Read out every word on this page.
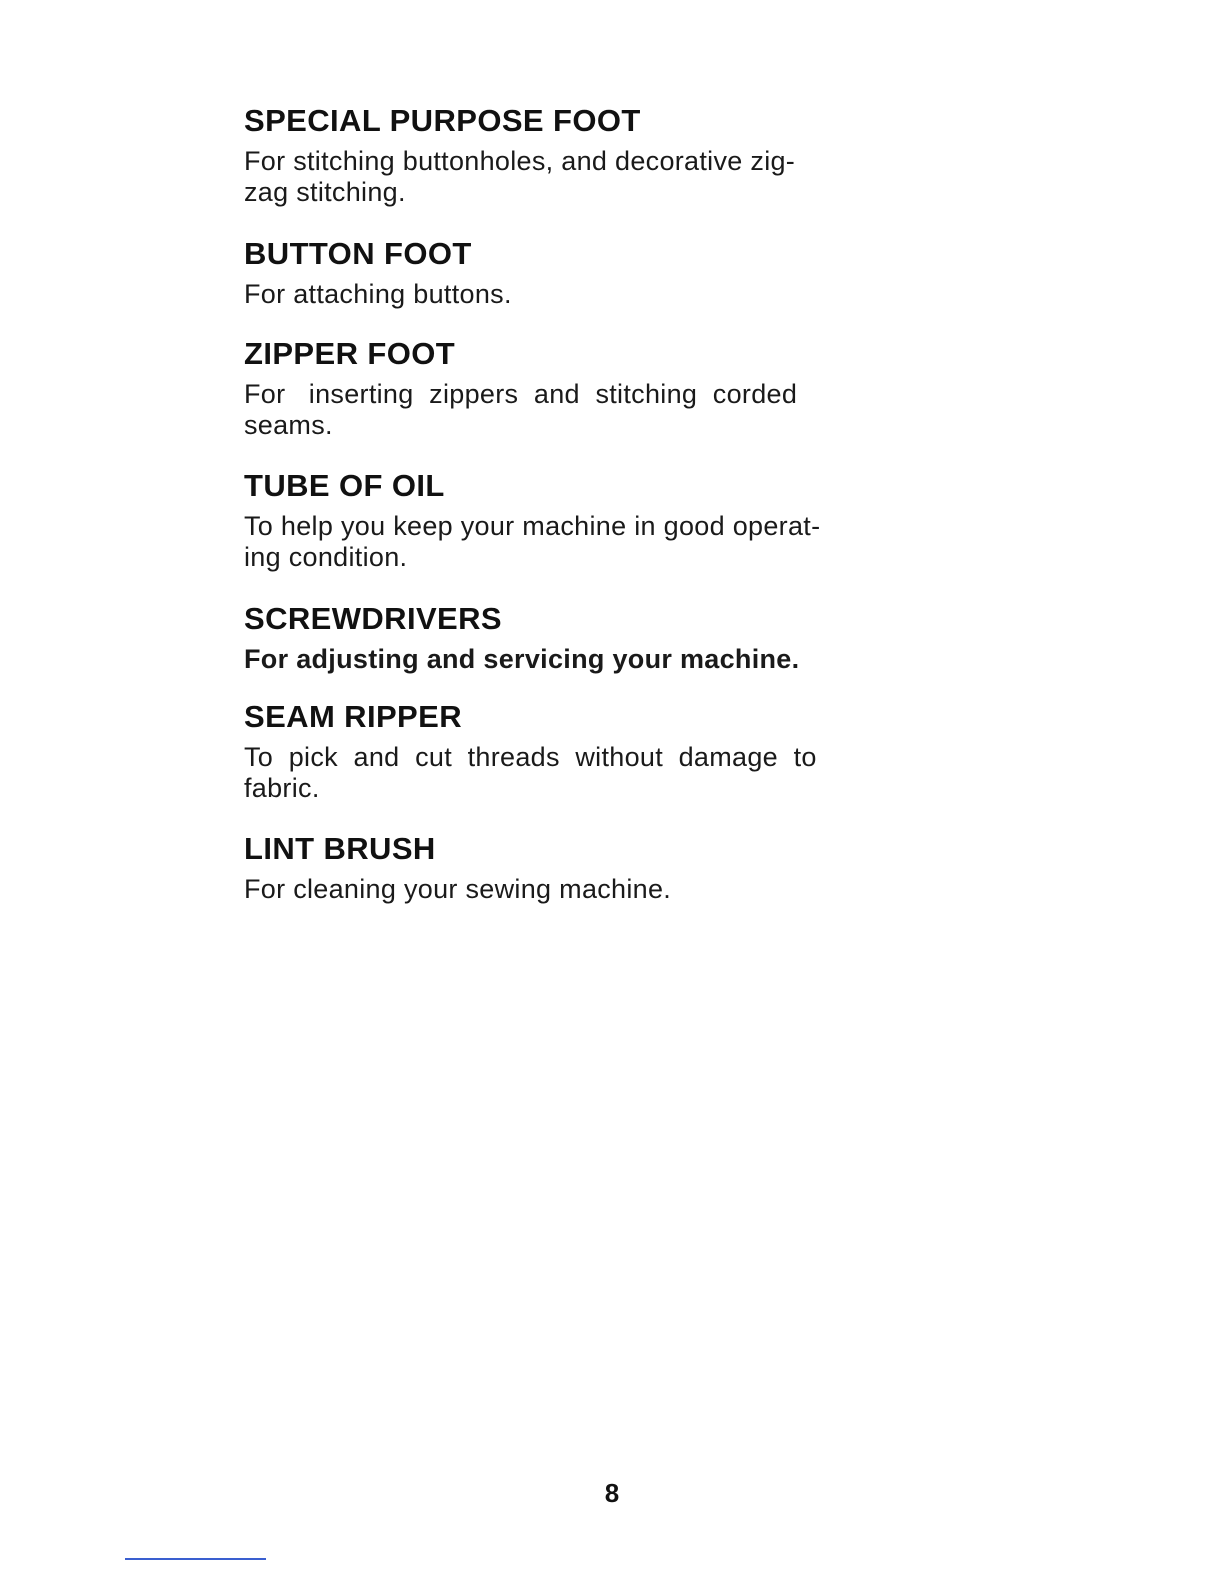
SPECIAL PURPOSE FOOT

For stitching buttonholes, and decorative zig-
zag stitching.

BUTTON FOOT

For attaching buttons.

ZIPPER FOOT

For   inserting  zippers  and  stitching  corded
seams.

TUBE OF OIL

To help you keep your machine in good operat-
ing condition.

SCREWDRIVERS

For adjusting and servicing your machine.

SEAM RIPPER

To  pick  and  cut  threads  without  damage  to
fabric.

LINT BRUSH

For cleaning your sewing machine.

8
